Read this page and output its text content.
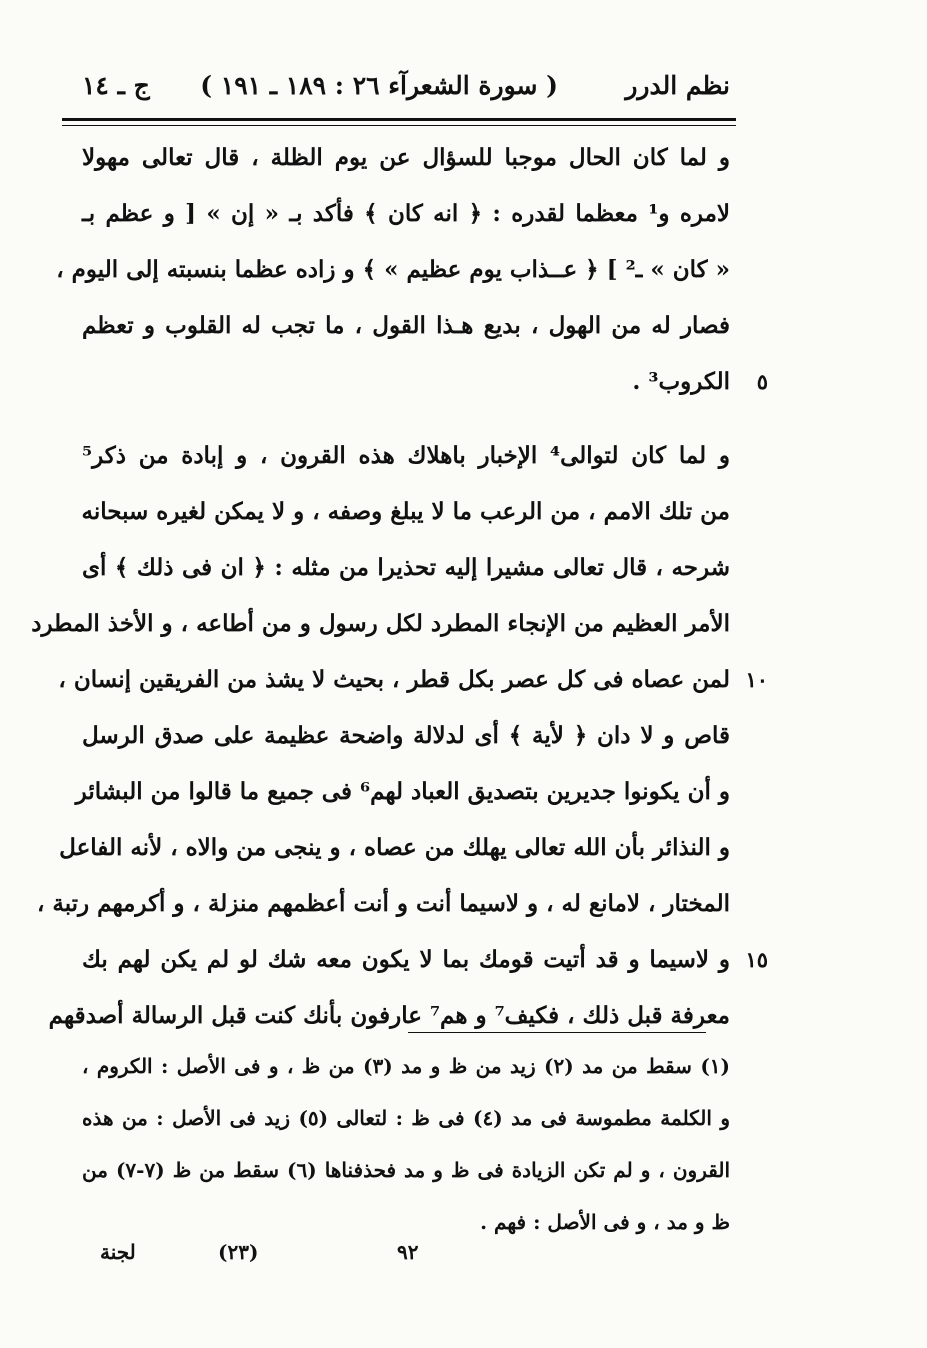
نظم الدرر
( سورة الشعرآء ٢٦ : ١٨٩ ـ ١٩١ )
ج ـ ١٤
و لما كان الحال موجبا للسؤال عن يوم الظلة ، قال تعالى مهولا
لامره و¹ معظما لقدره : ﴿ انه كان ﴾ فأكد بـ « إن » [ و عظم بـ
« كان » ـ² ] ﴿ عــذاب يوم عظيم » ﴾ و زاده عظما بنسبته إلى اليوم ،
فصار له من الهول ، بديع هـذا القول ، ما تجب له القلوب و تعظم
٥
الكروب³ .
و لما كان لتوالى⁴ الإخبار باهلاك هذه القرون ، و إبادة من ذكر⁵
من تلك الامم ، من الرعب ما لا يبلغ وصفه ، و لا يمكن لغيره سبحانه
شرحه ، قال تعالى مشيرا إليه تحذيرا من مثله : ﴿ ان فى ذلك ﴾ أى
الأمر العظيم من الإنجاء المطرد لكل رسول و من أطاعه ، و الأخذ المطرد
١٠
لمن عصاه فى كل عصر بكل قطر ، بحيث لا يشذ من الفريقين إنسان ،
قاص و لا دان ﴿ لأية ﴾ أى لدلالة واضحة عظيمة على صدق الرسل
و أن يكونوا جديرين بتصديق العباد لهم⁶ فى جميع ما قالوا من البشائر
و النذائر بأن الله تعالى يهلك من عصاه ، و ينجى من والاه ، لأنه الفاعل
المختار ، لامانع له ، و لاسيما أنت و أنت أعظمهم منزلة ، و أكرمهم رتبة ،
١٥
و لاسيما و قد أتيت قومك بما لا يكون معه شك لو لم يكن لهم بك
معرفة قبل ذلك ، فكيف⁷ و هم⁷ عارفون بأنك كنت قبل الرسالة أصدقهم
(١) سقط من مد (٢) زيد من ظ و مد (٣) من ظ ، و فى الأصل : الكروم ،
و الكلمة مطموسة فى مد (٤) فى ظ : لتعالى (٥) زيد فى الأصل : من هذه
القرون ، و لم تكن الزيادة فى ظ و مد فحذفناها (٦) سقط من ظ (٧-٧) من
ظ و مد ، و فى الأصل : فهم .
لجنة	(٢٣)	٩٢
